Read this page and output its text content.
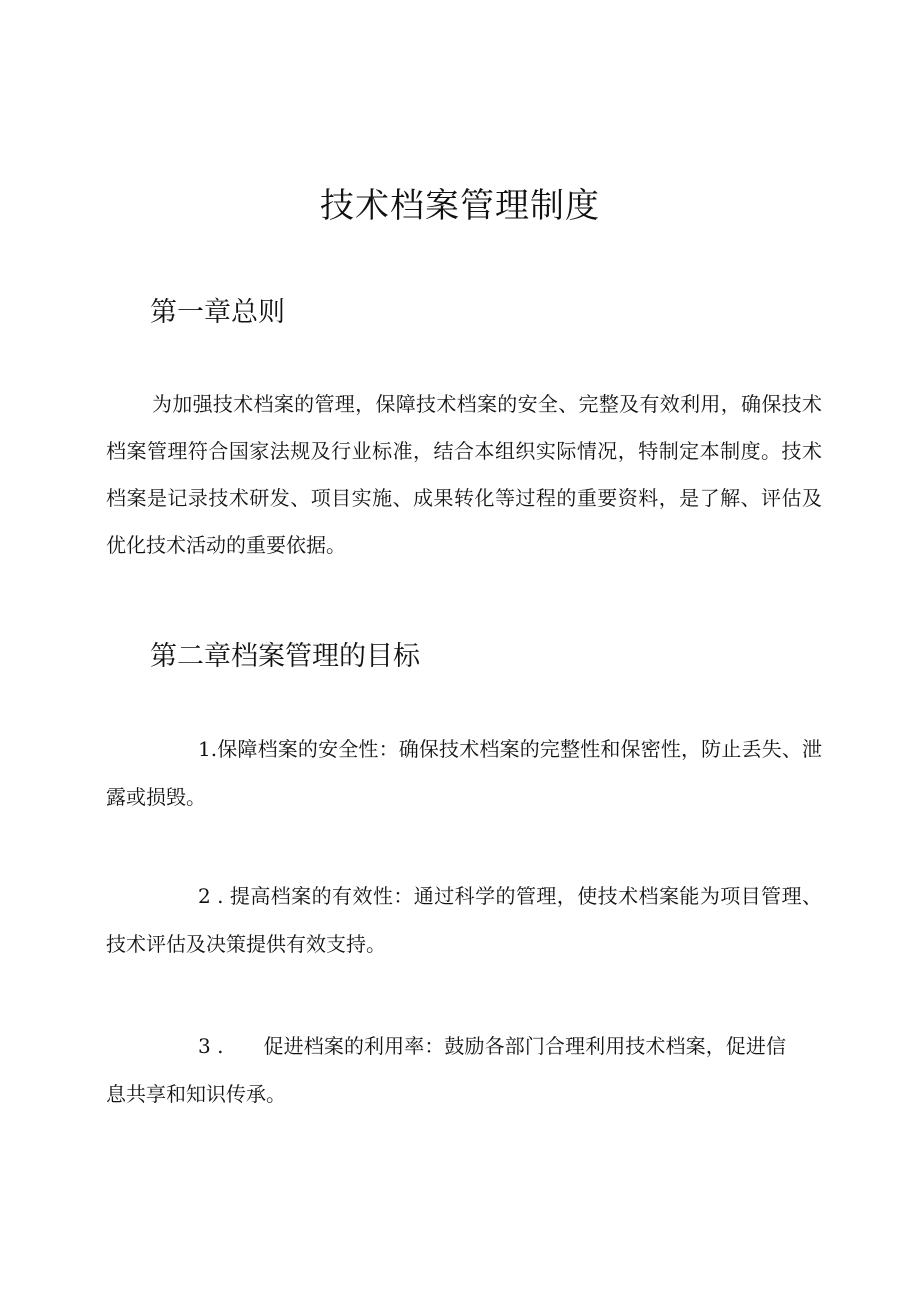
技术档案管理制度
第一章总则

为加强技术档案的管理，保障技术档案的安全、完整及有效利用，确保技术档案管理符合国家法规及行业标准，结合本组织实际情况，特制定本制度。技术档案是记录技术研发、项目实施、成果转化等过程的重要资料，是了解、评估及优化技术活动的重要依据。

第二章档案管理的目标

1.保障档案的安全性：确保技术档案的完整性和保密性，防止丢失、泄露或损毁。

2 . 提高档案的有效性：通过科学的管理，使技术档案能为项目管理、技术评估及决策提供有效支持。

3 . 促进档案的利用率：鼓励各部门合理利用技术档案，促进信息共享和知识传承。
